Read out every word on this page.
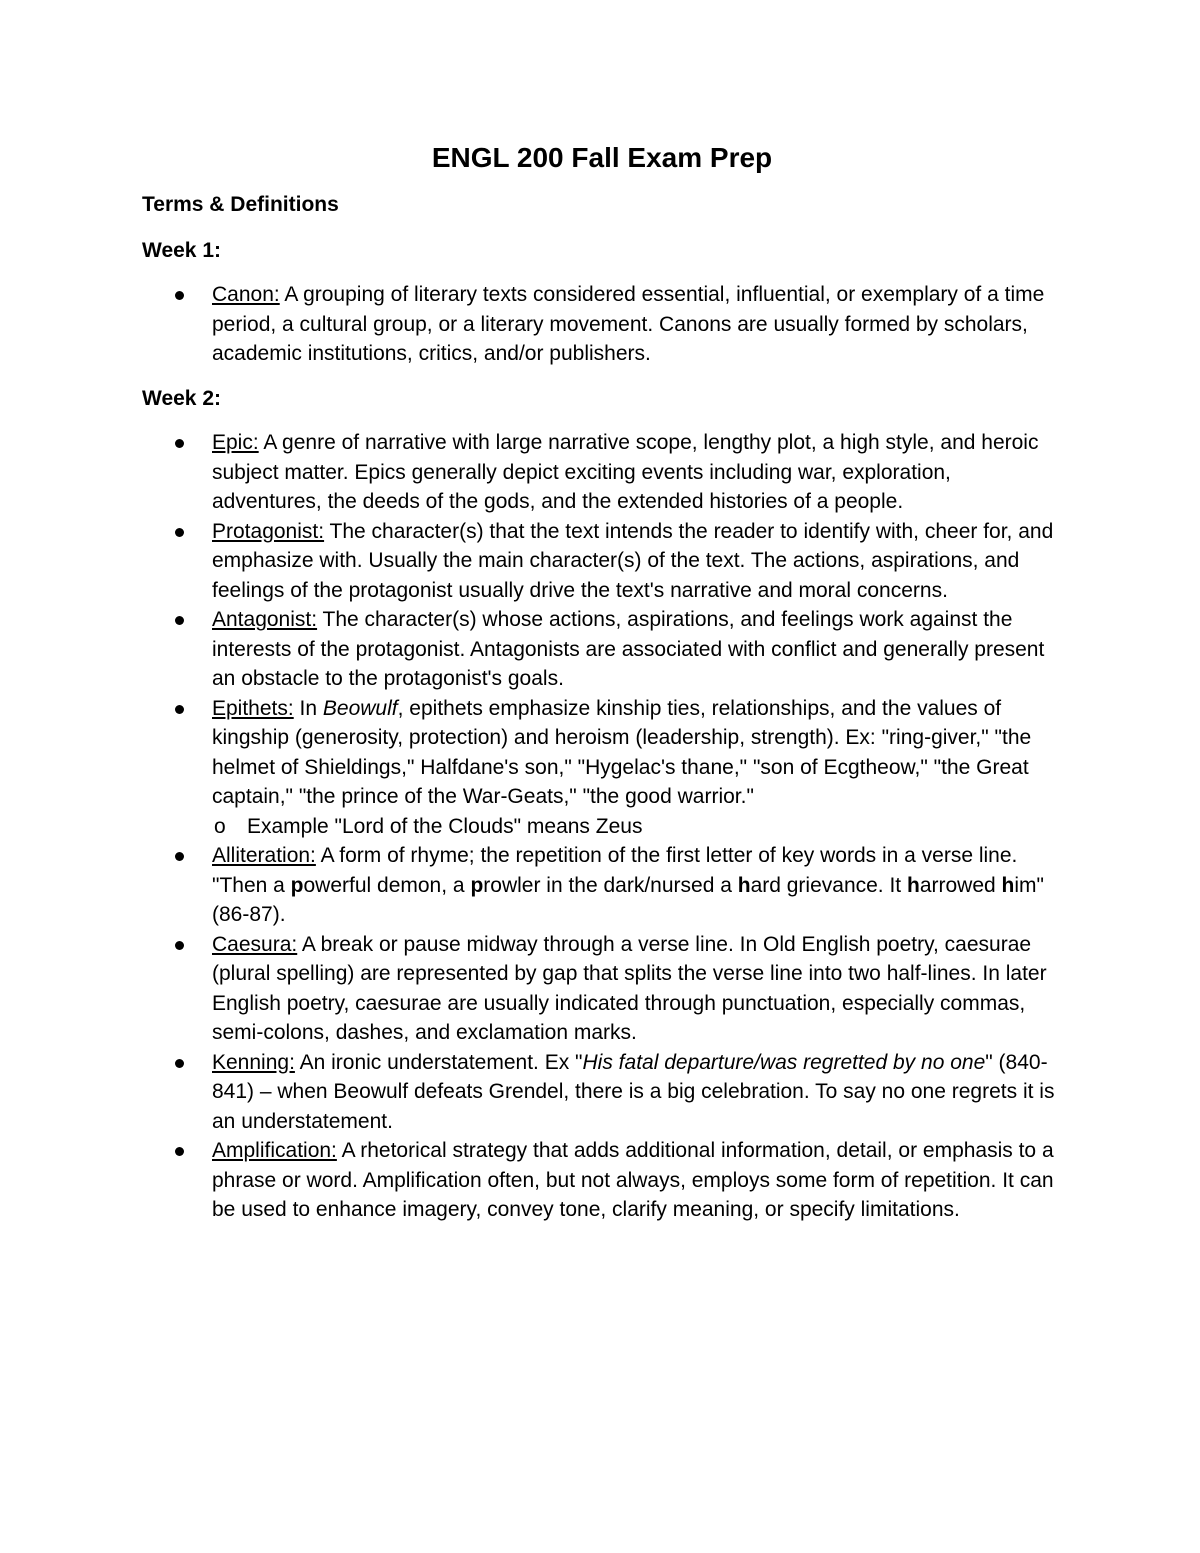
ENGL 200 Fall Exam Prep
Terms & Definitions
Week 1:
Canon: A grouping of literary texts considered essential, influential, or exemplary of a time period, a cultural group, or a literary movement. Canons are usually formed by scholars, academic institutions, critics, and/or publishers.
Week 2:
Epic: A genre of narrative with large narrative scope, lengthy plot, a high style, and heroic subject matter. Epics generally depict exciting events including war, exploration, adventures, the deeds of the gods, and the extended histories of a people.
Protagonist: The character(s) that the text intends the reader to identify with, cheer for, and emphasize with. Usually the main character(s) of the text. The actions, aspirations, and feelings of the protagonist usually drive the text's narrative and moral concerns.
Antagonist: The character(s) whose actions, aspirations, and feelings work against the interests of the protagonist. Antagonists are associated with conflict and generally present an obstacle to the protagonist's goals.
Epithets: In Beowulf, epithets emphasize kinship ties, relationships, and the values of kingship (generosity, protection) and heroism (leadership, strength). Ex: "ring-giver," "the helmet of Shieldings," Halfdane's son," "Hygelac's thane," "son of Ecgtheow," "the Great captain," "the prince of the War-Geats," "the good warrior."
o Example "Lord of the Clouds" means Zeus
Alliteration: A form of rhyme; the repetition of the first letter of key words in a verse line. "Then a powerful demon, a prowler in the dark/nursed a hard grievance. It harrowed him" (86-87).
Caesura: A break or pause midway through a verse line. In Old English poetry, caesurae (plural spelling) are represented by gap that splits the verse line into two half-lines. In later English poetry, caesurae are usually indicated through punctuation, especially commas, semi-colons, dashes, and exclamation marks.
Kenning: An ironic understatement. Ex "His fatal departure/was regretted by no one" (840-841) – when Beowulf defeats Grendel, there is a big celebration. To say no one regrets it is an understatement.
Amplification: A rhetorical strategy that adds additional information, detail, or emphasis to a phrase or word. Amplification often, but not always, employs some form of repetition. It can be used to enhance imagery, convey tone, clarify meaning, or specify limitations.
